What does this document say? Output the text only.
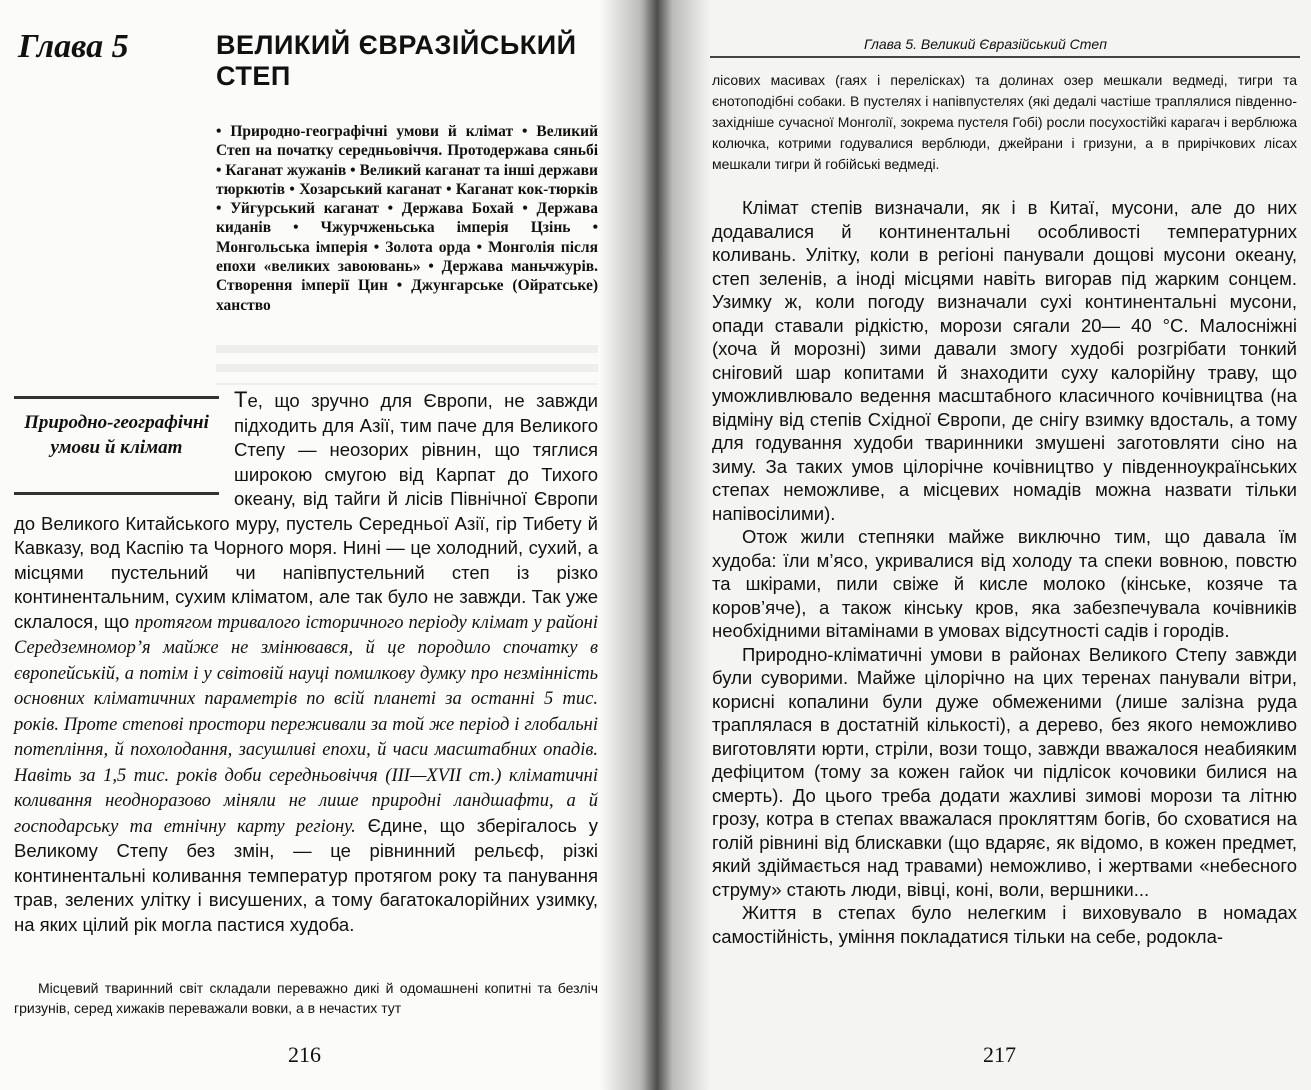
Глава 5	ВЕЛИКИЙ ЄВРАЗІЙСЬКИЙ СТЕП
• Природно-географічні умови й клімат • Великий Степ на початку середньовіччя. Протодержава сяньбі • Каганат жужанів • Великий каганат та інші держави тюркютів • Хозарський каганат • Каганат кок-тюрків • Уйгурський каганат • Держава Бохай • Держава киданів	• Чжурчженьська імперія Цзінь • Монгольська імперія • Золота орда • Монголія після епохи «великих завоювань» • Держава маньчжурів. Створення імперії Цин • Джунгарське (Ойратське) ханство
Природно-географічні умови й клімат
Те, що зручно для Європи, не завжди підходить для Азії, тим паче для Великого Степу — неозорих рівнин, що тяглися широкою смугою від Карпат до Тихого океану, від тайги й лісів Північної Європи до Великого Китайського муру, пустель Середньої Азії, гір Тибету й Кавказу, вод Каспію та Чорного моря. Нині — це холодний, сухий, а місцями пустельний чи напівпустельний степ із різко континентальним, сухим кліматом, але так було не завжди. Так уже склалося, що протягом тривалого історичного періоду клімат у районі Середземномор’я майже не змінювався, й це породило спочатку в європейській, а потім і у світовій науці помилкову думку про незмінність основних кліматичних параметрів по всій планеті за останні 5 тис. років. Проте степові простори переживали за той же період і глобальні потепління, й похолодання, засушливі епохи, й часи масштабних опадів. Навіть за 1,5 тис. років доби середньовіччя (III—XVII ст.) кліматичні коливання неодноразово міняли не лише природні ландшафти, а й господарську та етнічну карту регіону. Єдине, що зберігалось у Великому Степу без змін, — це рівнинний рельєф, різкі континентальні коливання температур протягом року та панування трав, зелених улітку і висушених, а тому багатокалорійних узимку, на яких цілий рік могла пастися худоба.
Місцевий тваринний світ складали переважно дикі й одомашнені копитні та безліч гризунів, серед хижаків переважали вовки, а в нечастих тут
216
Глава 5. Великий Євразійський Степ
лісових масивах (гаях і перелісках) та долинах озер мешкали ведмеді, тигри та єнотоподібні собаки. В пустелях і напівпустелях (які дедалі частіше траплялися південно-західніше сучасної Монголії, зокрема пустеля Гобі) росли посухостійкі карагач і верблюжа колючка, котрими годувалися верблюди, джейрани і гризуни, а в прирічкових лісах мешкали тигри й гобійські ведмеді.

Клімат степів визначали, як і в Китаї, мусони, але до них додавалися й континентальні особливості температурних коливань. Улітку, коли в регіоні панували дощові мусони океану, степ зеленів, а іноді місцями навіть вигорав під жарким сонцем. Узимку ж, коли погоду визначали сухі континентальні мусони, опади ставали рідкістю, морози сягали 20— 40 °С. Малосніжні (хоча й морозні) зими давали змогу худобі розгрібати тонкий сніговий шар копитами й знаходити суху калорійну траву, що уможливлювало ведення масштабного класичного кочівництва (на відміну від степів Східної Європи, де снігу взимку вдосталь, а тому для годування худоби тваринники змушені заготовляти сіно на зиму. За таких умов цілорічне кочівництво у південноукраїнських степах неможливе, а місцевих номадів можна назвати тільки напівосілими).

Отож жили степняки майже виключно тим, що давала їм худоба: їли м’ясо, укривалися від холоду та спеки вовною, повстю та шкірами, пили свіже й кисле молоко (кінське, козяче та коров’яче), а також кінську кров, яка забезпечувала кочівників необхідними вітамінами в умовах відсутності садів і городів.

Природно-кліматичні умови в районах Великого Степу завжди були суворими. Майже цілорічно на цих теренах панували вітри, корисні копалини були дуже обмеженими (лише залізна руда траплялася в достатній кількості), а дерево, без якого неможливо виготовляти юрти, стріли, вози тощо, завжди вважалося неабияким дефіцитом (тому за кожен гайок чи підлісок кочовики билися на смерть). До цього треба додати жахливі зимові морози та літню грозу, котра в степах вважалася прокляттям богів, бо сховатися на голій рівнині від блискавки (що вдаряє, як відомо, в кожен предмет, який здіймається над травами) неможливо, і жертвами «небесного струму» стають люди, вівці, коні, воли, вершники...

Життя в степах було нелегким і виховувало в номадах самостійність, уміння покладатися тільки на себе, родокла-

217
